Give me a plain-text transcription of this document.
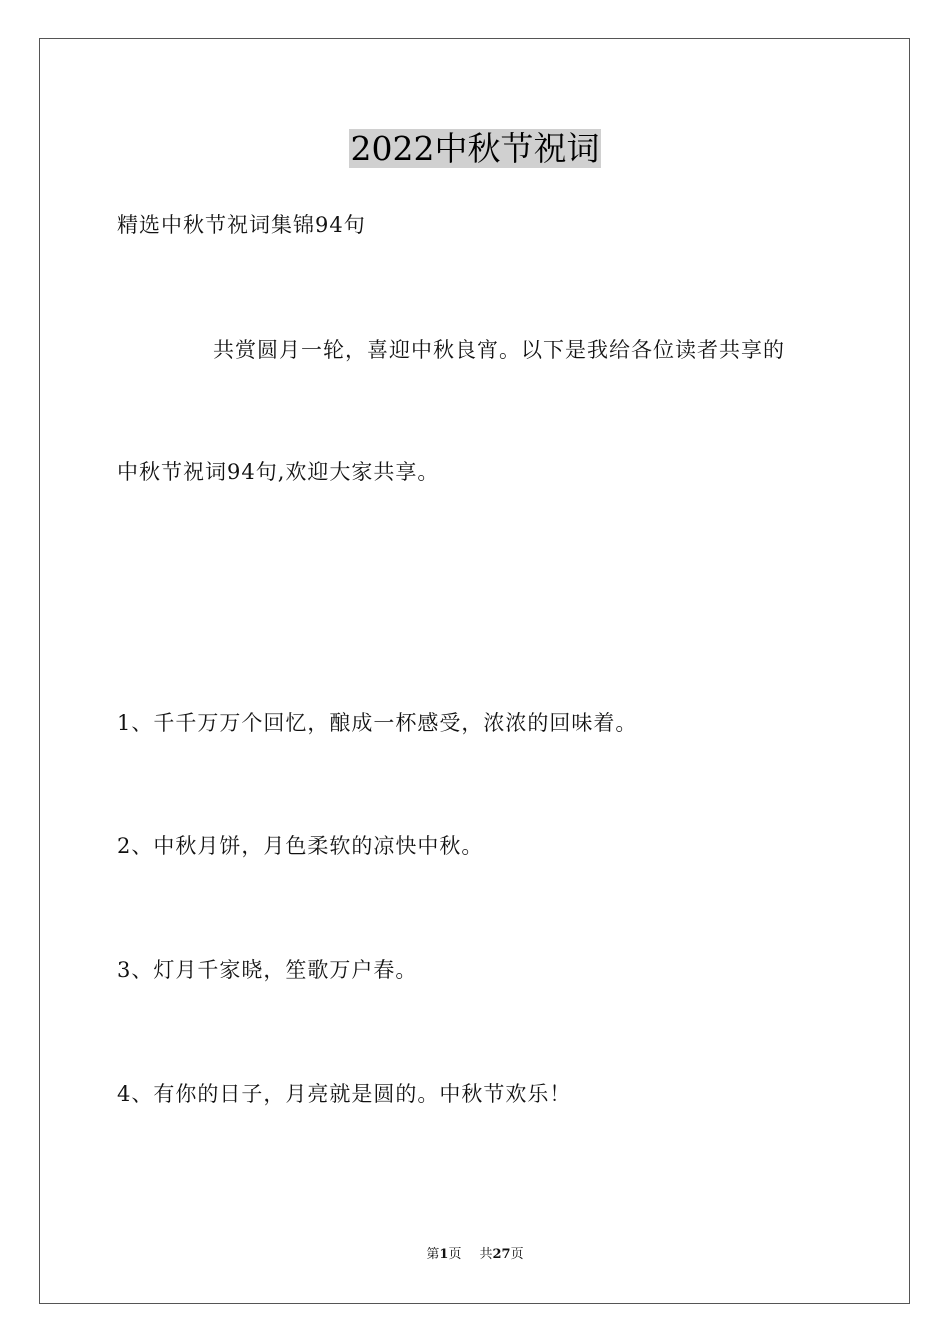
2022中秋节祝词
精选中秋节祝词集锦94句
共赏圆月一轮，喜迎中秋良宵。以下是我给各位读者共享的
中秋节祝词94句,欢迎大家共享。
1、千千万万个回忆，酿成一杯感受，浓浓的回味着。
2、中秋月饼，月色柔软的凉快中秋。
3、灯月千家晓，笙歌万户春。
4、有你的日子，月亮就是圆的。中秋节欢乐！
第1页 共27页
